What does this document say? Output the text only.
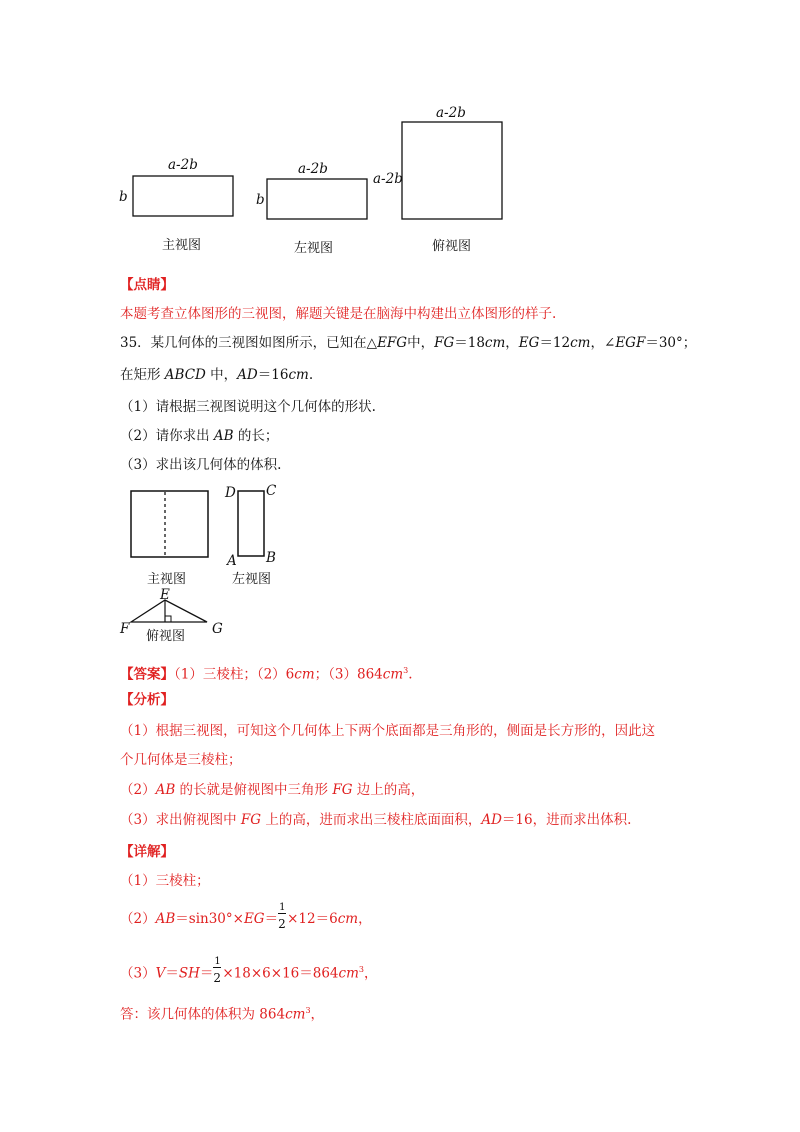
a-2b
b
主视图
a-2b
b
左视图
a-2b
a-2b
俯视图
【点睛】
本题考查立体图形的三视图，解题关键是在脑海中构建出立体图形的样子.
35．某几何体的三视图如图所示，已知在△EFG中，FG＝18cm，EG＝12cm，∠EGF＝30°；
在矩形 ABCD 中，AD＝16cm.
（1）请根据三视图说明这个几何体的形状.
（2）请你求出 AB 的长；
（3）求出该几何体的体积.
D C
A B
主视图	左视图
E
F	G
俯视图
【答案】（1）三棱柱；（2）6cm；$(3)864cm^3$.
【分析】
（1）根据三视图，可知这个几何体上下两个底面都是三角形的，侧面是长方形的，因此这
个几何体是三棱柱；
（2）AB 的长就是俯视图中三角形 FG 边上的高，
（3）求出俯视图中 FG 上的高，进而求出三棱柱底面面积，AD＝16，进而求出体积.
【详解】
（1）三棱柱；
$(2)AB=\sin 30^\circ\times EG= \frac{1}{2} \times 12=6cm$，
$(3)V=SH= \frac{1}{2} \times 18\times 6\times 16=864cm^3$，
答：该几何体的体积为 $864cm^3$，
